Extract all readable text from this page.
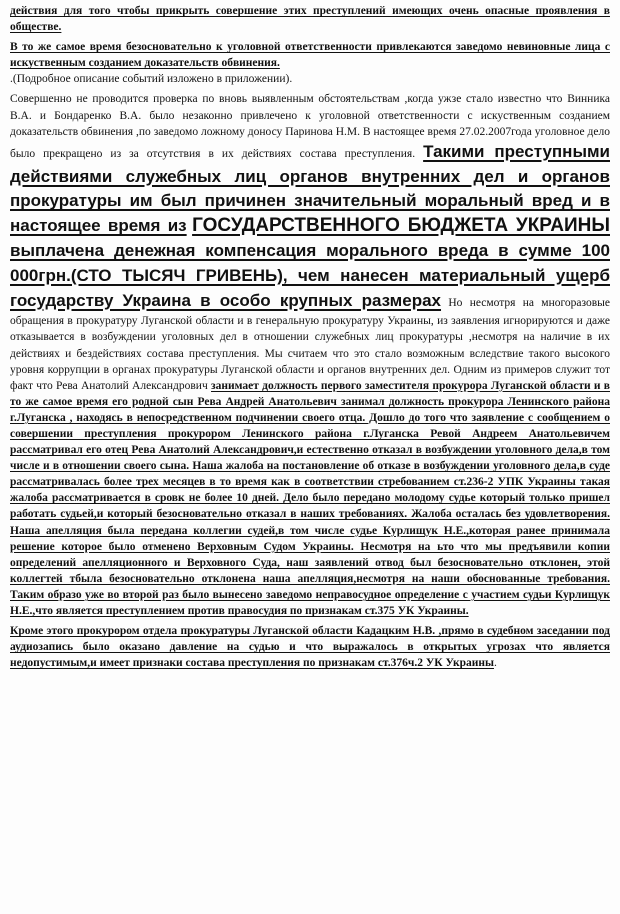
действия для того чтобы прикрыть совершение этих преступлений имеющих очень опасные проявления в обществе.

В то же самое время безосновательно к уголовной ответственности привлекаются заведомо невиновные лица с искуственным созданием доказательств обвинения.

.(Подробное описание событий изложено в приложении).

Совершенно не проводится проверка по вновь выявленным обстоятельствам ,когда ужзе стало известно что Винника В.А. и Бондаренко В.А. было незаконно привлечено к уголовной ответственности с искуственным созданием доказательств обвинения ,по заведомо ложному доносу Паринова Н.М. В настоящее время 27.02.2007года уголовное дело было прекращено из за отсутствия в их действиях состава преступления. Такими преступными действиями служебных лиц органов внутренних дел и органов прокуратуры им был причинен значительный моральный вред и в настоящее время из ГОСУДАРСТВЕННОГО БЮДЖЕТА УКРАИНЫ выплачена денежная компенсация морального вреда в сумме 100 000грн.(СТО ТЫСЯЧ ГРИВЕНЬ), чем нанесен материальный ущерб государству Украина в особо крупных размерах Но несмотря на многоразовые обращения в прокуратуру Луганской области и в генеральную прокуратуру Украины, из заявления игнорируются и даже отказывается в возбуждении уголовных дел в отношении служебных лиц прокуратуры ,несмотря на наличие в их действиях и бездействиях состава преступления. Мы считаем что это стало возможным вследствие такого высокого уровня коррупции в органах прокуратуры Луганской области и органов внутренних дел. Одним из примеров служит тот факт что Рева Анатолий Александрович занимает должность первого заместителя прокурора Луганской области и в то же самое время его родной сын Рева Андрей Анатольевич занимал должность прокурора Ленинского района г.Луганска , находясь в непосредственном подчинении своего отца. Дошло до того что заявление с сообщением о совершении преступления прокурором Ленинского района г.Луганска Ревой Андреем Анатольевичем рассматривал его отец Рева Анатолий Александрович,и естественно отказал в возбуждении уголовного дела,в том числе и в отношении своего сына. Наша жалоба на постановление об отказе в возбуждении уголовного дела,в суде рассматривалась более трех месяцев в то время как в соответствии стребованием ст.236-2 УПК Украины такая жалоба рассматривается в сровк не более 10 дней. Дело было передано молодому судье который только пришел работать судьей,и который безосновательно отказал в наших требованиях. Жалоба осталась без удовлетворения. Наша апелляция была передана коллегии судей,в том числе судье Курлищук Н.Е.,которая ранее принимала решение которое было отменено Верховным Судом Украины. Несмотря на ьто что мы предъявили копии определений апелляционного и Верховного Суда, наш заявлений отвод был безосновательно отклонен, этой коллегтей тбыла безосновательно отклонена наша апелляция,несмотря на наши обоснованные требования. Таким образо уже во второй раз было вынесено заведомо неправосудное определение с участием судьи Курлищук Н.Е.,что является преступлением против правосудия по признакам ст.375 УК Украины.

Кроме этого прокурором отдела прокуратуры Луганской области Кадацким Н.В. ,прямо в судебном заседании под аудиозапись было оказано давление на судью и что выражалось в открытых угрозах что является недопустимым,и имеет признаки состава преступления по признакам ст.376ч.2 УК Украины.
